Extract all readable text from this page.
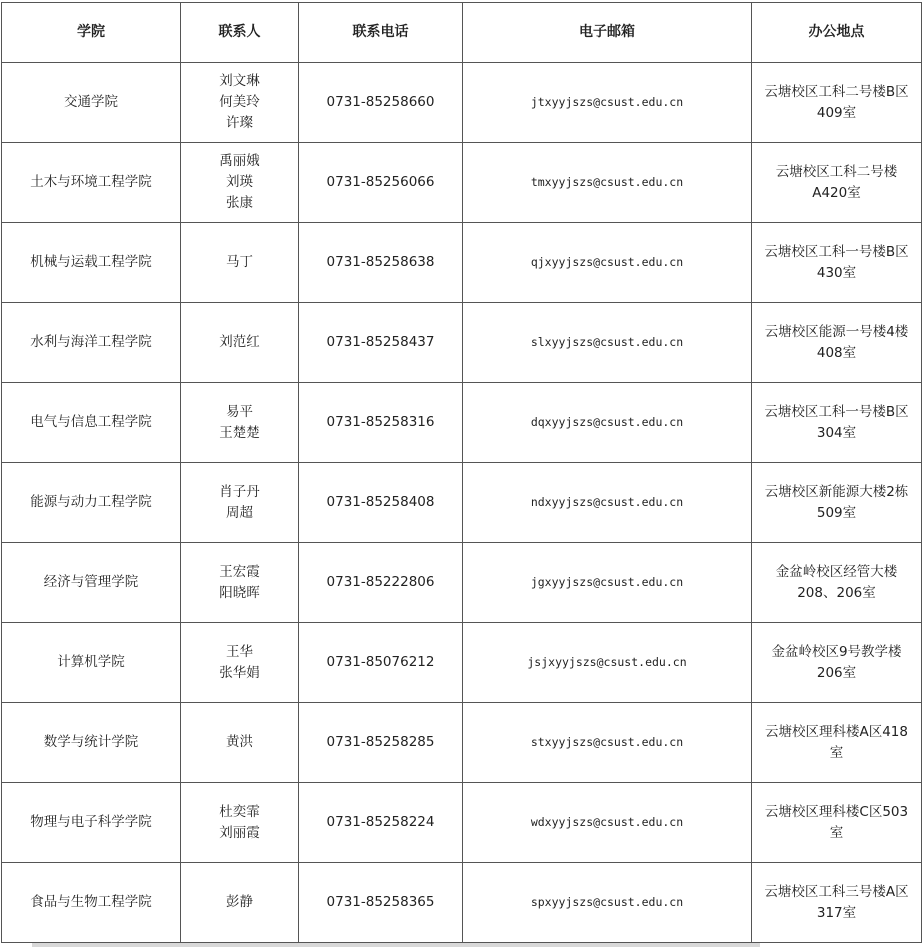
学院	联系人	联系电话	电子邮箱	办公地点
交通学院	刘文琳
何美玲
许璨	0731-85258660	jtxyyjszs@csust.edu.cn	云塘校区工科二号楼B区
409室

土木与环境工程学院	禹丽娥
刘瑛
张康	0731-85256066	tmxyyjszs@csust.edu.cn	云塘校区工科二号楼
A420室

机械与运载工程学院	马丁	0731-85258638	qjxyyjszs@csust.edu.cn	云塘校区工科一号楼B区
430室

水利与海洋工程学院	刘范红	0731-85258437	slxyyjszs@csust.edu.cn	云塘校区能源一号楼4楼
408室

电气与信息工程学院	易平
王楚楚	0731-85258316	dqxyyjszs@csust.edu.cn	云塘校区工科一号楼B区
304室

能源与动力工程学院	肖子丹
周超	0731-85258408	ndxyyjszs@csust.edu.cn	云塘校区新能源大楼2栋
509室

经济与管理学院	王宏霞
阳晓晖	0731-85222806	jgxyyjszs@csust.edu.cn	金盆岭校区经管大楼
208、206室

计算机学院	王华
张华娟	0731-85076212	jsjxyyjszs@csust.edu.cn	金盆岭校区9号教学楼
206室

数学与统计学院	黄洪	0731-85258285	stxyyjszs@csust.edu.cn	云塘校区理科楼A区418
室

物理与电子科学学院	杜奕霏
刘丽霞	0731-85258224	wdxyyjszs@csust.edu.cn	云塘校区理科楼C区503
室

食品与生物工程学院	彭静	0731-85258365	spxyyjszs@csust.edu.cn	云塘校区工科三号楼A区
317室
